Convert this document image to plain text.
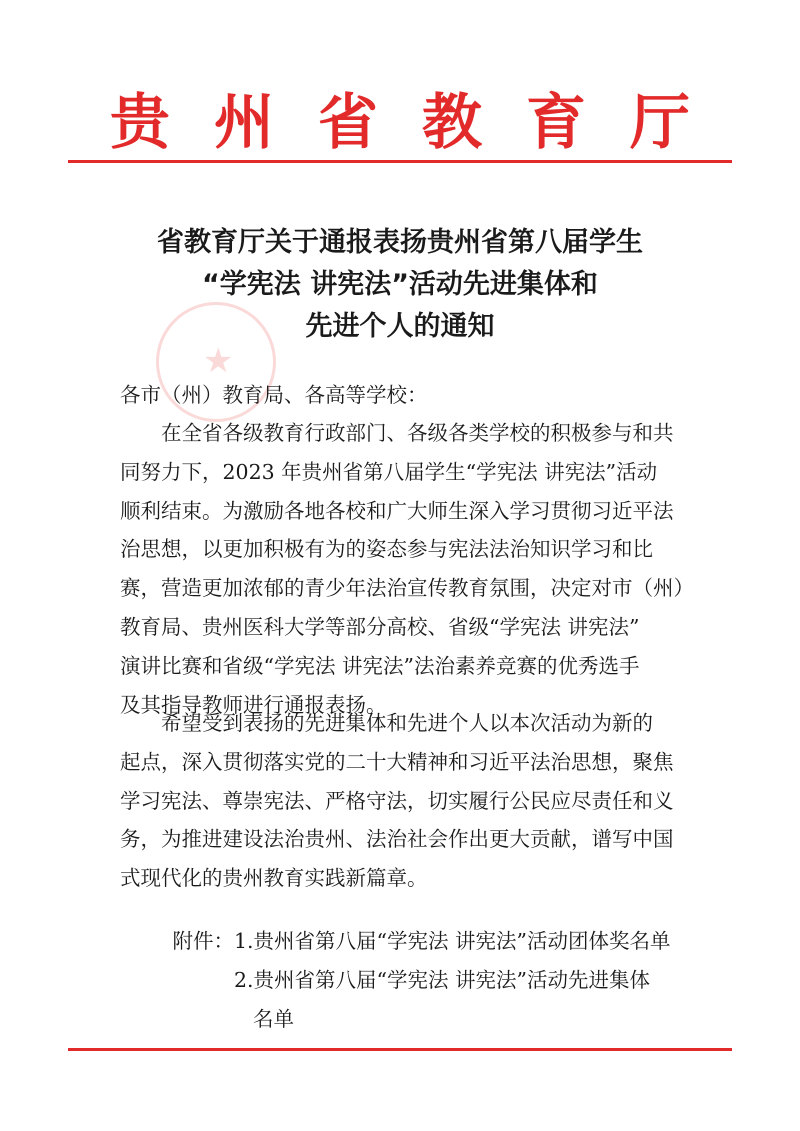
贵州省教育厅
省教育厅关于通报表扬贵州省第八届学生
“学宪法 讲宪法”活动先进集体和
先进个人的通知
★

各市（州）教育局、各高等学校：

在全省各级教育行政部门、各级各类学校的积极参与和共

同努力下，2023 年贵州省第八届学生“学宪法 讲宪法”活动

顺利结束。为激励各地各校和广大师生深入学习贯彻习近平法

治思想，以更加积极有为的姿态参与宪法法治知识学习和比

赛，营造更加浓郁的青少年法治宣传教育氛围，决定对市（州）

教育局、贵州医科大学等部分高校、省级“学宪法 讲宪法”

演讲比赛和省级“学宪法 讲宪法”法治素养竞赛的优秀选手

及其指导教师进行通报表扬。

希望受到表扬的先进集体和先进个人以本次活动为新的

起点，深入贯彻落实党的二十大精神和习近平法治思想，聚焦

学习宪法、尊崇宪法、严格守法，切实履行公民应尽责任和义

务，为推进建设法治贵州、法治社会作出更大贡献，谱写中国

式现代化的贵州教育实践新篇章。

附件：1.贵州省第八届“学宪法 讲宪法”活动团体奖名单
2.贵州省第八届“学宪法 讲宪法”活动先进集体
名单
